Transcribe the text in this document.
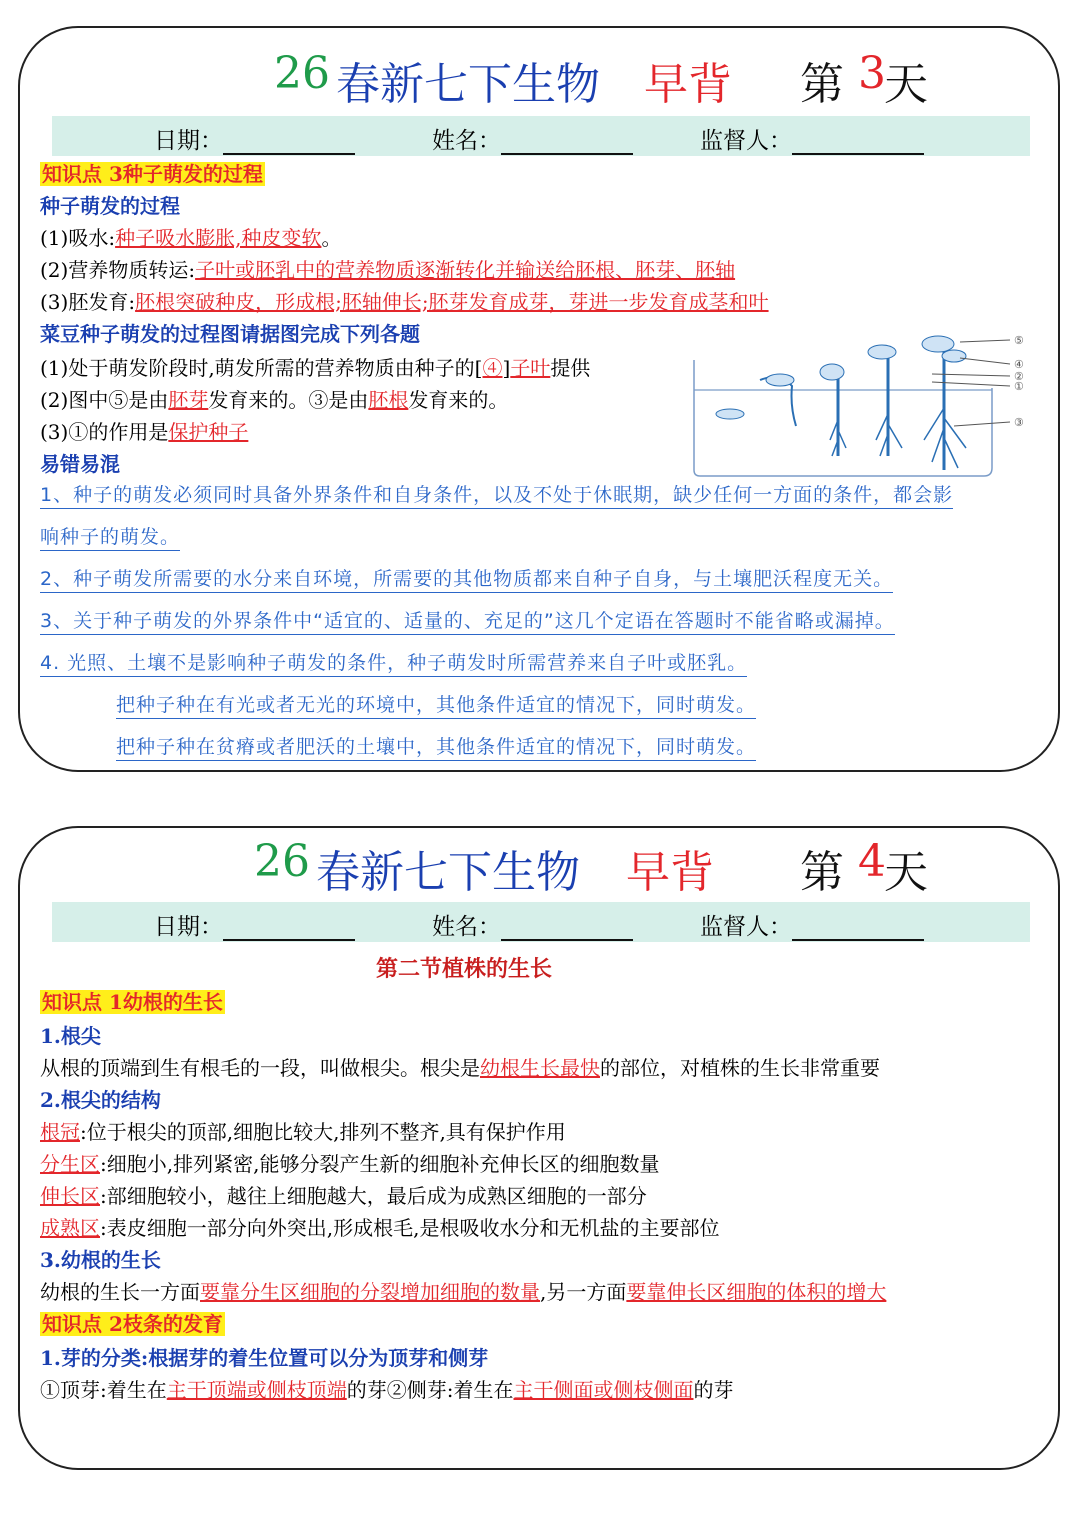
26 春新七下生物 早背 第 3
天
日期：	姓名：	监督人：
知识点 3种子萌发的过程
种子萌发的过程
(1)吸水:种子吸水膨胀,种皮变软。
(2)营养物质转运:子叶或胚乳中的营养物质逐渐转化并输送给胚根、胚芽、胚轴
(3)胚发育:胚根突破种皮，形成根;胚轴伸长;胚芽发育成芽，芽进一步发育成茎和叶
菜豆种子萌发的过程图请据图完成下列各题
(1)处于萌发阶段时,萌发所需的营养物质由种子的[④]子叶提供
(2)图中⑤是由胚芽发育来的。③是由胚根发育来的。
(3)①的作用是保护种子
⑤
④
②
①
③
易错易混
1、种子的萌发必须同时具备外界条件和自身条件，以及不处于休眠期，缺少任何一方面的条件，都会影
响种子的萌发。
2、种子萌发所需要的水分来自环境，所需要的其他物质都来自种子自身，与土壤肥沃程度无关。
3、关于种子萌发的外界条件中“适宜的、适量的、充足的”这几个定语在答题时不能省略或漏掉。
4. 光照、土壤不是影响种子萌发的条件，种子萌发时所需营养来自子叶或胚乳。
把种子种在有光或者无光的环境中，其他条件适宜的情况下，同时萌发。
把种子种在贫瘠或者肥沃的土壤中，其他条件适宜的情况下，同时萌发。
26 春新七下生物 早背 第 4
天
日期：	姓名：	监督人：
第二节植株的生长
知识点 1幼根的生长
1.根尖
从根的顶端到生有根毛的一段，叫做根尖。根尖是幼根生长最快的部位，对植株的生长非常重要
2.根尖的结构
根冠:位于根尖的顶部,细胞比较大,排列不整齐,具有保护作用
分生区:细胞小,排列紧密,能够分裂产生新的细胞补充伸长区的细胞数量
伸长区:部细胞较小，越往上细胞越大，最后成为成熟区细胞的一部分
成熟区:表皮细胞一部分向外突出,形成根毛,是根吸收水分和无机盐的主要部位
3.幼根的生长
幼根的生长一方面要靠分生区细胞的分裂增加细胞的数量,另一方面要靠伸长区细胞的体积的增大
知识点 2枝条的发育
1.芽的分类:根据芽的着生位置可以分为顶芽和侧芽
①顶芽:着生在主干顶端或侧枝顶端的芽②侧芽:着生在主干侧面或侧枝侧面的芽
